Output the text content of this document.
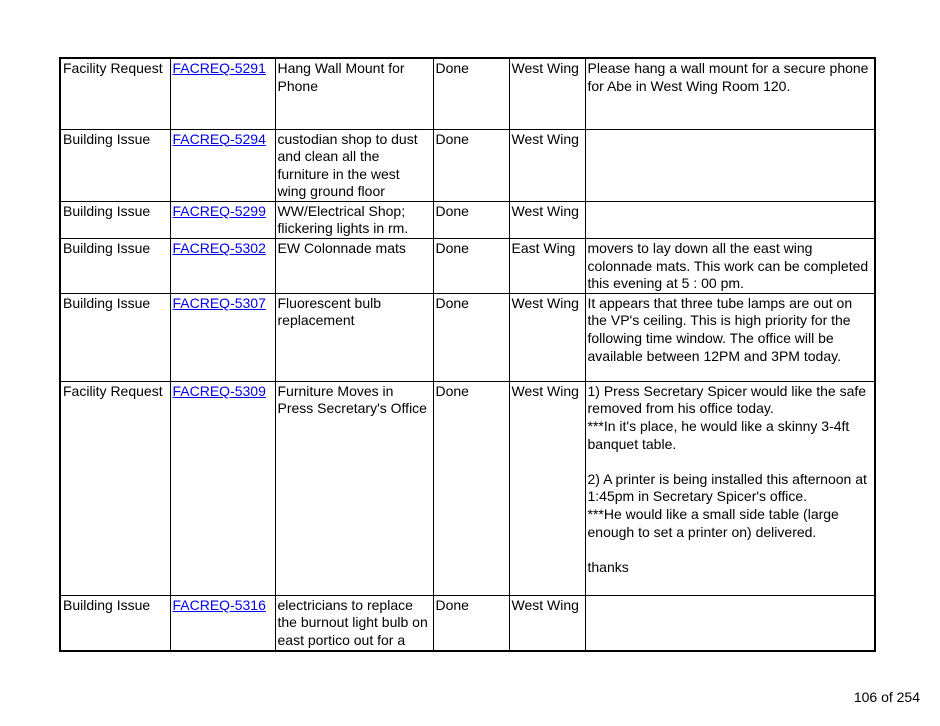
Facility Request	FACREQ-5291	Hang Wall Mount for Phone	Done	West Wing	Please hang a wall mount for a secure phone for Abe in West Wing Room 120.

Building Issue	FACREQ-5294	custodian shop to dust and clean all the furniture in the west wing ground floor	Done	West Wing	
Building Issue	FACREQ-5299	WW/Electrical Shop; flickering lights in rm.	Done	West Wing	
Building Issue	FACREQ-5302	EW Colonnade mats	Done	East Wing	movers to lay down all the east wing colonnade mats. This work can be completed this evening at 5 : 00 pm.

Building Issue	FACREQ-5307	Fluorescent bulb replacement	Done	West Wing	It appears that three tube lamps are out on the VP's ceiling. This is high priority for the following time window. The office will be available between 12PM and 3PM today.

Facility Request	FACREQ-5309	Furniture Moves in Press Secretary's Office	Done	West Wing	1) Press Secretary Spicer would like the safe removed from his office today.
***In it's place, he would like a skinny 3-4ft banquet table.
2) A printer is being installed this afternoon at 1:45pm in Secretary Spicer's office.
***He would like a small side table (large enough to set a printer on) delivered.
thanks

Building Issue	FACREQ-5316	electricians to replace the burnout light bulb on east portico out for a	Done	West Wing	
106 of 254
